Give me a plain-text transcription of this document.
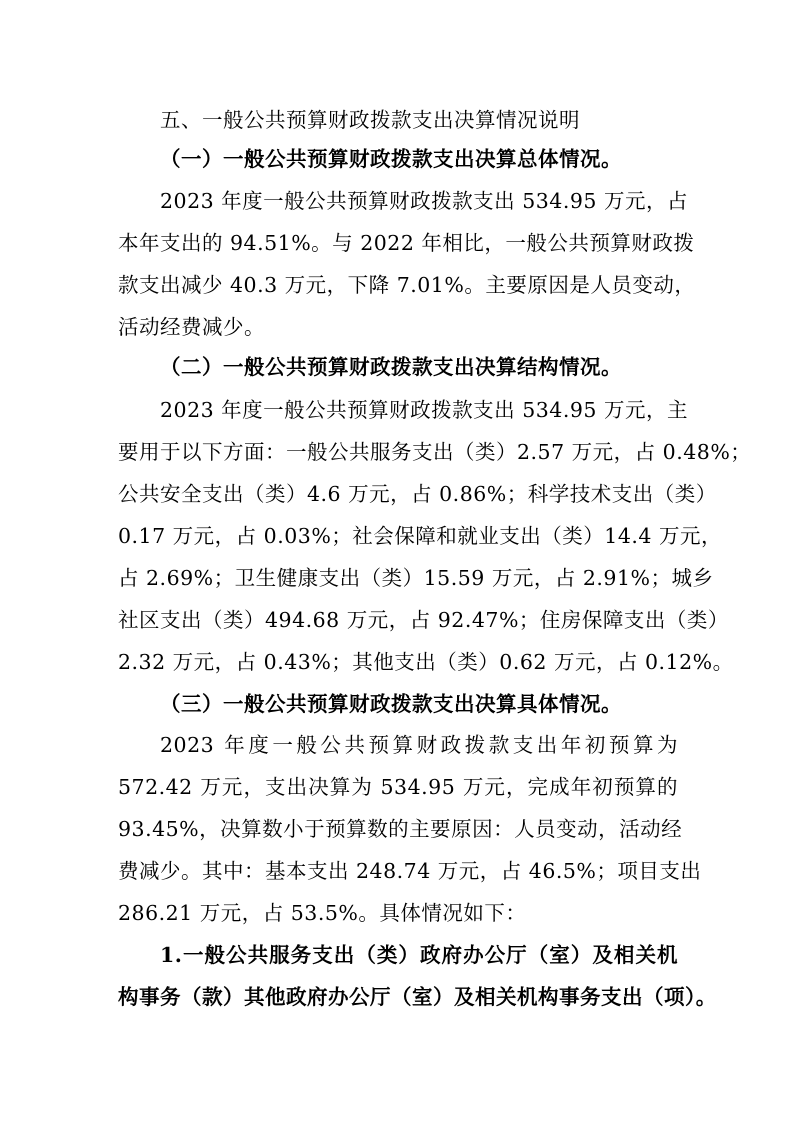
五、一般公共预算财政拨款支出决算情况说明
（一）一般公共预算财政拨款支出决算总体情况。
2023 年度一般公共预算财政拨款支出 534.95 万元，占
本年支出的 94.51%。与 2022 年相比，一般公共预算财政拨
款支出减少 40.3 万元，下降 7.01%。主要原因是人员变动，
活动经费减少。
（二）一般公共预算财政拨款支出决算结构情况。
2023 年度一般公共预算财政拨款支出 534.95 万元，主
要用于以下方面：一般公共服务支出（类）2.57 万元，占 0.48%；
公共安全支出（类）4.6 万元，占 0.86%；科学技术支出（类）
0.17 万元，占 0.03%；社会保障和就业支出（类）14.4 万元，
占 2.69%；卫生健康支出（类）15.59 万元，占 2.91%；城乡
社区支出（类）494.68 万元，占 92.47%；住房保障支出（类）
2.32 万元，占 0.43%；其他支出（类）0.62 万元，占 0.12%。
（三）一般公共预算财政拨款支出决算具体情况。
2023 年度一般公共预算财政拨款支出年初预算为
572.42 万元，支出决算为 534.95 万元，完成年初预算的
93.45%，决算数小于预算数的主要原因：人员变动，活动经
费减少。其中：基本支出 248.74 万元，占 46.5%；项目支出
286.21 万元，占 53.5%。具体情况如下：
1.一般公共服务支出（类）政府办公厅（室）及相关机
构事务（款）其他政府办公厅（室）及相关机构事务支出（项）。
